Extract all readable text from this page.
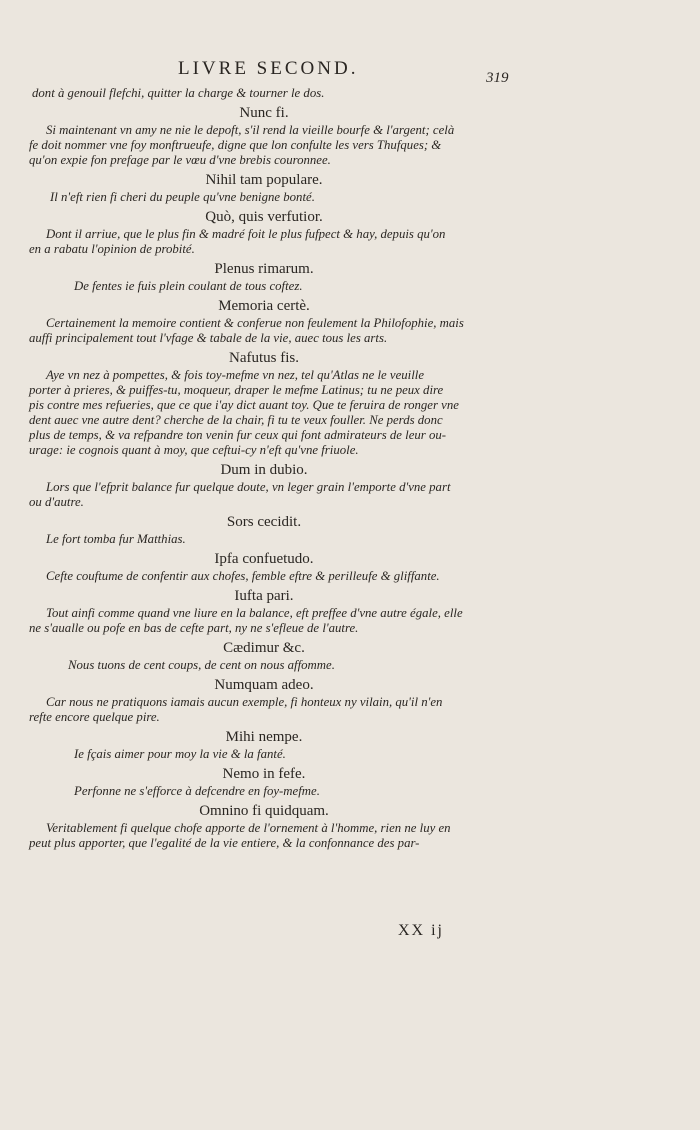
LIVRE SECOND.	319
dont à genouil flefchi, quitter la charge & tourner le dos.
Nunc fi.
Si maintenant vn amy ne nie le depoft, s'il rend la vieille bourfe & l'argent; celà
fe doit nommer vne foy monftrueufe, digne que lon confulte les vers Thufques; &
qu'on expie fon prefage par le vœu d'vne brebis couronnee.
Nihil tam populare.
Il n'eft rien fi cheri du peuple qu'vne benigne bonté.
Quò, quis verfutior.
Dont il arriue, que le plus fin & madré foit le plus fufpect & hay, depuis qu'on
en a rabatu l'opinion de probité.
Plenus rimarum.
De fentes ie fuis plein coulant de tous coftez.
Memoria certè.
Certainement la memoire contient & conferue non feulement la Philofophie, mais
auffi principalement tout l'vfage & tabale de la vie, auec tous les arts.
Nafutus fis.
Aye vn nez à pompettes, & fois toy-mefme vn nez, tel qu'Atlas ne le veuille
porter à prieres, & puiffes-tu, moqueur, draper le mefme Latinus; tu ne peux dire
pis contre mes refueries, que ce que i'ay dict auant toy. Que te feruira de ronger vne
dent auec vne autre dent? cherche de la chair, fi tu te veux fouller. Ne perds donc
plus de temps, & va refpandre ton venin fur ceux qui font admirateurs de leur ou-
urage: ie cognois quant à moy, que ceftui-cy n'eft qu'vne friuole.
Dum in dubio.
Lors que l'efprit balance fur quelque doute, vn leger grain l'emporte d'vne part
ou d'autre.
Sors cecidit.
Le fort tomba fur Matthias.
Ipfa confuetudo.
Cefte couftume de confentir aux chofes, femble eftre & perilleufe & gliffante.
Iufta pari.
Tout ainfi comme quand vne liure en la balance, eft preffee d'vne autre égale, elle
ne s'aualle ou pofe en bas de cefte part, ny ne s'efleue de l'autre.
Cædimur &c.
Nous tuons de cent coups, de cent on nous affomme.
Numquam adeo.
Car nous ne pratiquons iamais aucun exemple, fi honteux ny vilain, qu'il n'en
refte encore quelque pire.
Mihi nempe.
Ie fçais aimer pour moy la vie & la fanté.
Nemo in fefe.
Perfonne ne s'efforce à defcendre en foy-mefme.
Omnino fi quidquam.
Veritablement fi quelque chofe apporte de l'ornement à l'homme, rien ne luy en
peut plus apporter, que l'egalité de la vie entiere, & la confonnance des par-
XX ij
